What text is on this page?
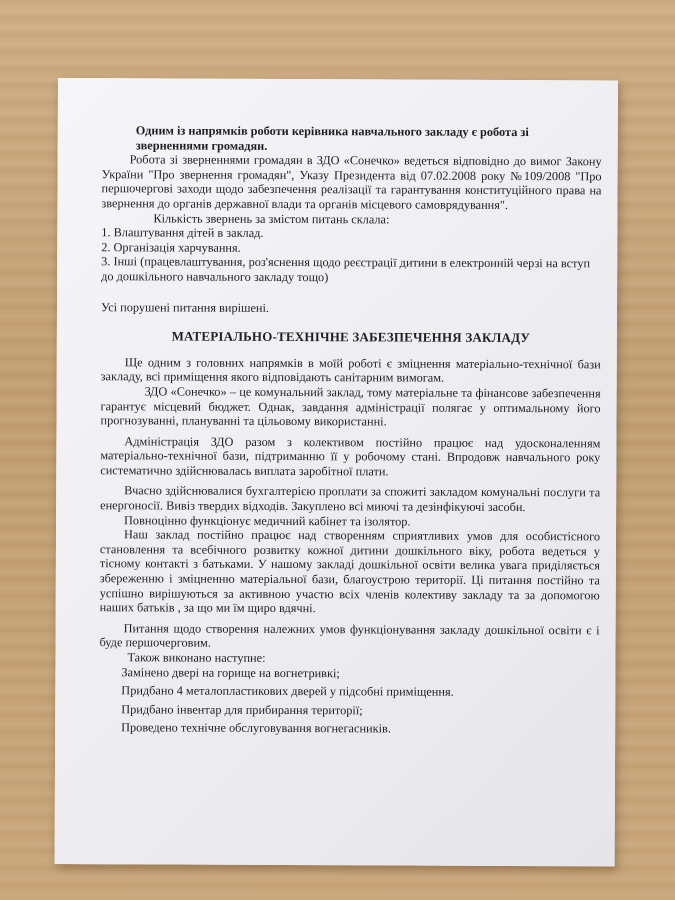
Одним із напрямків роботи керівника навчального закладу є робота зі зверненнями громадян.

Робота зі зверненнями громадян в ЗДО «Сонечко» ведеться відповідно до вимог Закону України "Про звернення громадян", Указу Президента від 07.02.2008 року №109/2008 "Про першочергові заходи щодо забезпечення реалізації та гарантування конституційного права на звернення до органів державної влади та органів місцевого самоврядування".

Кількість звернень за змістом питань склала:

1. Влаштування дітей в заклад.

2. Організація харчування.

3. Інші (працевлаштування, роз'яснення щодо реєстрації дитини в електронній черзі на вступ до дошкільного навчального закладу тощо)

Усі порушені питання вирішені.

МАТЕРІАЛЬНО-ТЕХНІЧНЕ ЗАБЕЗПЕЧЕННЯ ЗАКЛАДУ

Ще одним з головних напрямків в моїй роботі є зміцнення матеріально-технічної бази закладу, всі приміщення якого відповідають санітарним вимогам.

ЗДО «Сонечко» – це комунальний заклад, тому матеріальне та фінансове забезпечення гарантує місцевий бюджет. Однак, завдання адміністрації полягає у оптимальному його прогнозуванні, плануванні та цільовому використанні.

Адміністрація ЗДО разом з колективом постійно працює над удосконаленням матеріально-технічної бази, підтриманню її у робочому стані. Впродовж навчального року систематично здійснювалась виплата заробітної плати.

Вчасно здійснювалися бухгалтерією проплати за спожиті закладом комунальні послуги та енергоносії. Вивіз твердих відходів. Закуплено всі миючі та дезінфікуючі засоби.

Повноцінно функціонує медичний кабінет та ізолятор.

Наш заклад постійно працює над створенням сприятливих умов для особистісного становлення та всебічного розвитку кожної дитини дошкільного віку, робота ведеться у тісному контакті з батьками. У нашому закладі дошкільної освіти велика увага приділяється збереженню і зміцненню матеріальної бази, благоустрою території. Ці питання постійно та успішно вирішуються за активною участю всіх членів колективу закладу та за допомогою наших батьків , за що ми їм щиро вдячні.

Питання щодо створення належних умов функціонування закладу дошкільної освіти є і буде першочерговим.

Також виконано наступне:

Замінено двері на горище на вогнетривкі;

Придбано 4 металопластикових дверей у підсобні приміщення.

Придбано інвентар для прибирання території;

Проведено технічне обслуговування вогнегасників.
